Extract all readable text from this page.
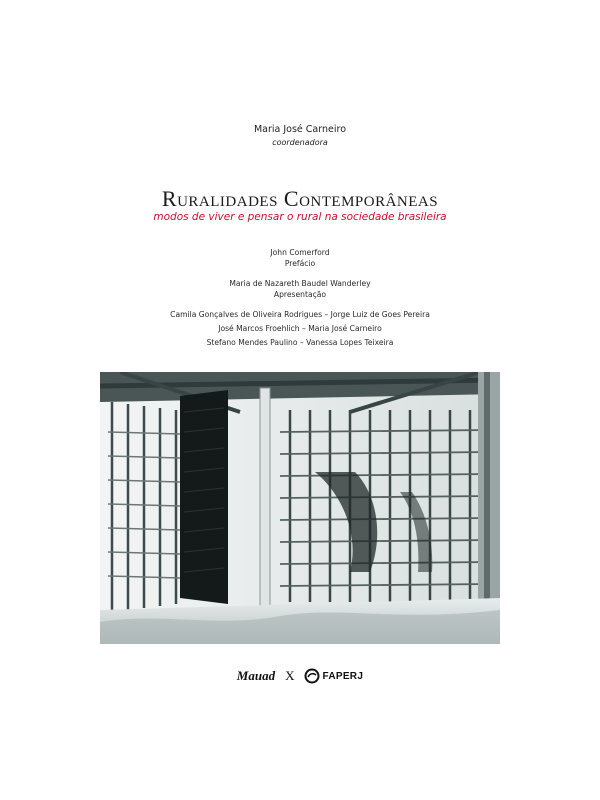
Maria José Carneiro
coordenadora
Ruralidades Contemporâneas
modos de viver e pensar o rural na sociedade brasileira
John Comerford
Prefácio
Maria de Nazareth Baudel Wanderley
Apresentação
Camila Gonçalves de Oliveira Rodrigues – Jorge Luiz de Goes Pereira
José Marcos Froehlich – Maria José Carneiro
Stefano Mendes Paulino – Vanessa Lopes Teixeira
Mauad X	FAPERJ
